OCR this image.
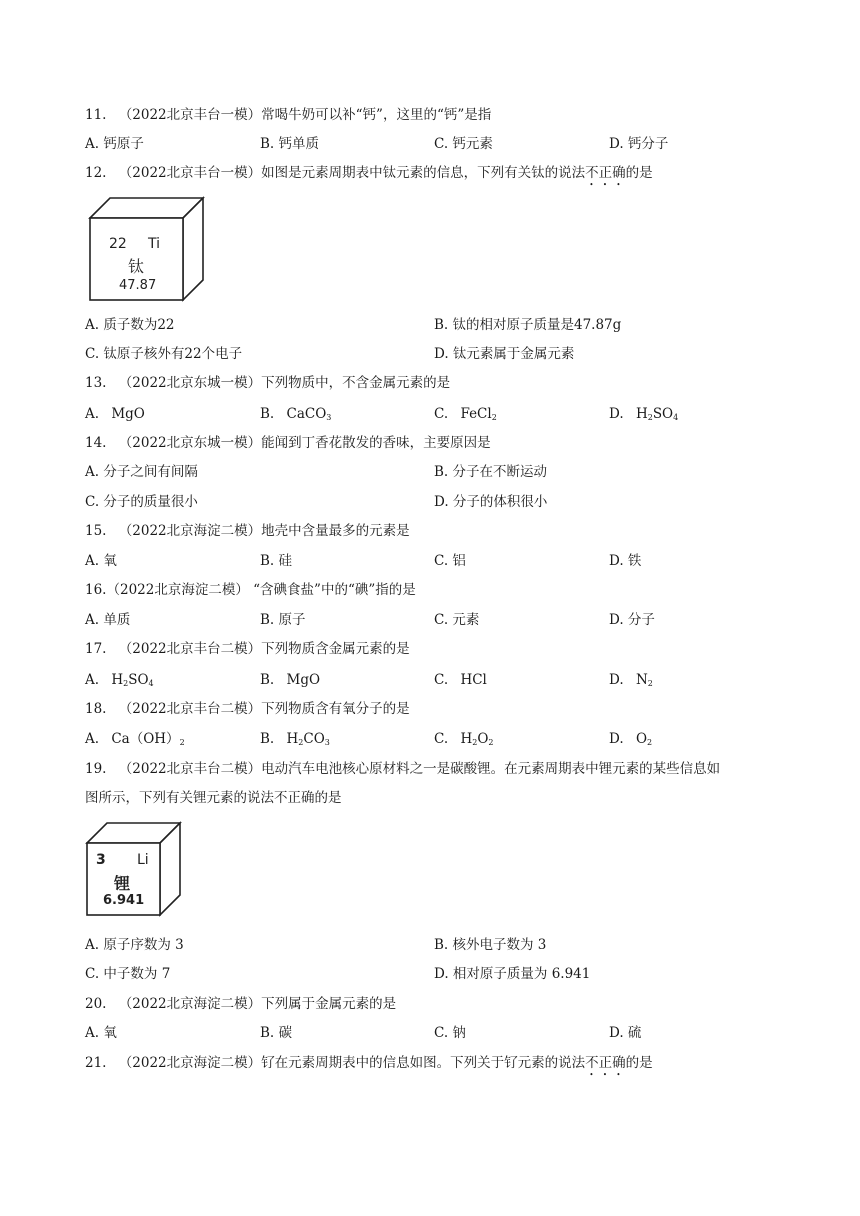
11. （2022北京丰台一模）常喝牛奶可以补“钙”，这里的“钙”是指
A. 钙原子	B. 钙单质	C. 钙元素	D. 钙分子
12. （2022北京丰台一模）如图是元素周期表中钛元素的信息，下列有关钛的说法不正确的是
22 Ti
钛
47.87
A. 质子数为22	B. 钛的相对原子质量是47.87g
C. 钛原子核外有22个电子	D. 钛元素属于金属元素
13. （2022北京东城一模）下列物质中，不含金属元素的是
A. MgO	B. CaCO$_3$	C. FeCl$_2$	D. $H_2SO_4$
14. （2022北京东城一模）能闻到丁香花散发的香味，主要原因是
A. 分子之间有间隔	B. 分子在不断运动
C. 分子的质量很小	D. 分子的体积很小
15. （2022北京海淀二模）地壳中含量最多的元素是
A. 氧	B. 硅	C. 铝	D. 铁
16.（2022北京海淀二模） “含碘食盐”中的“碘”指的是
A. 单质	B. 原子	C. 元素	D. 分子
17. （2022北京丰台二模）下列物质含金属元素的是
A. $H_2SO_4$	B. MgO	C. HCl	D. $N_2$
18. （2022北京丰台二模）下列物质含有氧分子的是
A. $Ca(OH)_2$	B. $H_2CO_3$	C. $H_2O_2$	D. $O_2$
19. （2022北京丰台二模）电动汽车电池核心原材料之一是碳酸锂。在元素周期表中锂元素的某些信息如
图所示，下列有关锂元素的说法不正确的是
3 Li
锂
6.941
A. 原子序数为 3	B. 核外电子数为 3
C. 中子数为 7	D. 相对原子质量为 6.941
20. （2022北京海淀二模）下列属于金属元素的是
A. 氧	B. 碳	C. 钠	D. 硫
21. （2022北京海淀二模）钌在元素周期表中的信息如图。下列关于钌元素的说法不正确的是
